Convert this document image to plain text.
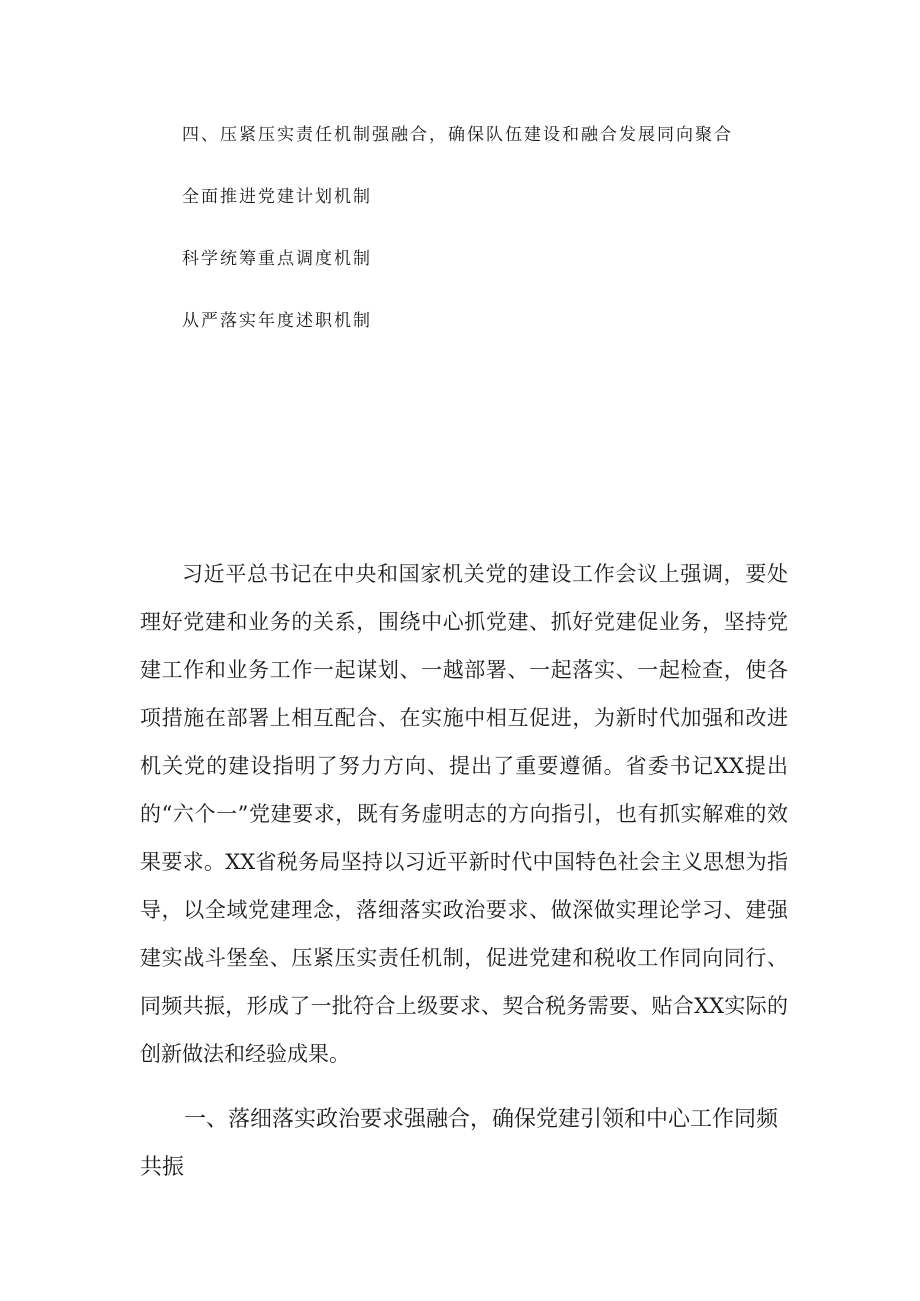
四、压紧压实责任机制强融合，确保队伍建设和融合发展同向聚合
全面推进党建计划机制
科学统筹重点调度机制
从严落实年度述职机制

习近平总书记在中央和国家机关党的建设工作会议上强调，要处理好党建和业务的关系，围绕中心抓党建、抓好党建促业务，坚持党建工作和业务工作一起谋划、一越部署、一起落实、一起检查，使各项措施在部署上相互配合、在实施中相互促进，为新时代加强和改进机关党的建设指明了努力方向、提出了重要遵循。省委书记XX提出的“六个一”党建要求，既有务虚明志的方向指引，也有抓实解难的效果要求。XX省税务局坚持以习近平新时代中国特色社会主义思想为指导，以全域党建理念，落细落实政治要求、做深做实理论学习、建强建实战斗堡垒、压紧压实责任机制，促进党建和税收工作同向同行、同频共振，形成了一批符合上级要求、契合税务需要、贴合XX实际的创新做法和经验成果。

一、落细落实政治要求强融合，确保党建引领和中心工作同频共振
